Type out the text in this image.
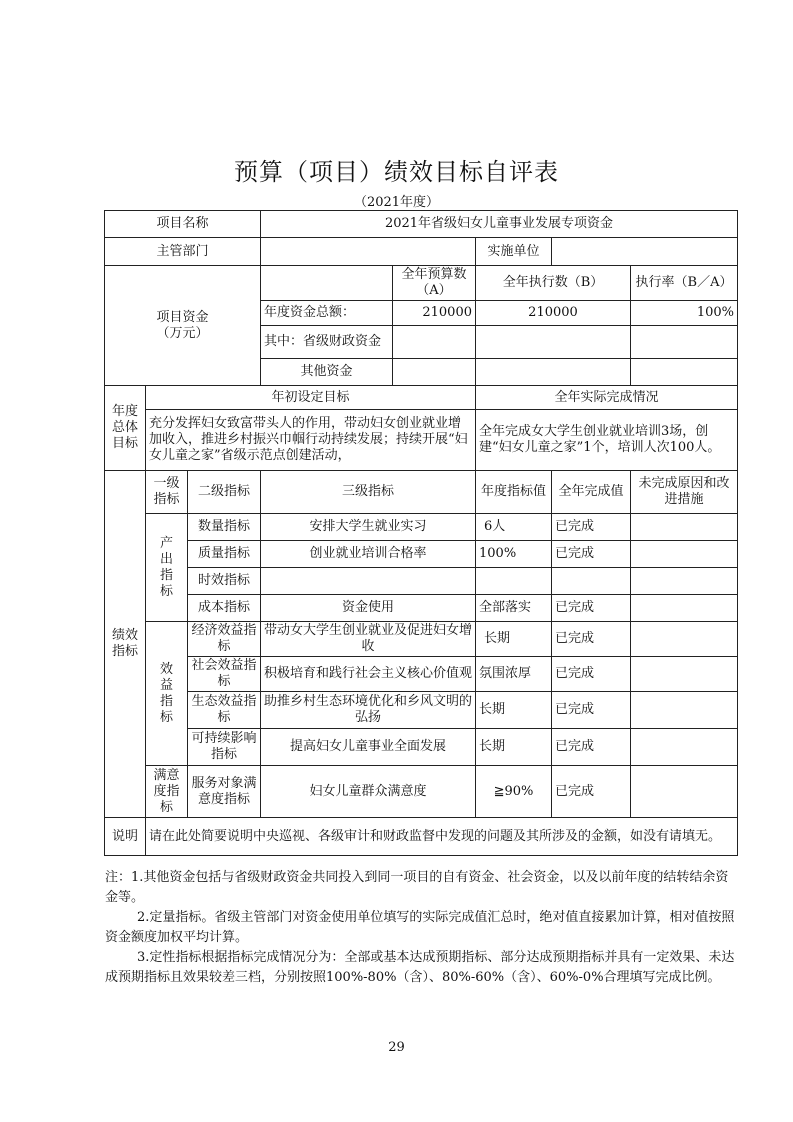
预算（项目）绩效目标自评表
（2021年度）
项目名称			2021年省级妇女儿童事业发展专项资金				
主管部门					实施单位		
项目资金
（万元）				全年预算数（A）	全年执行数（B）		执行率（B／A）
			年度资金总额：	210000	210000		100%
			其中：省级财政资金				
			其他资金				
年度总体目标	年初设定目标				全年实际完成情况		
	充分发挥妇女致富带头人的作用，带动妇女创业就业增加收入，推进乡村振兴巾帼行动持续发展；持续开展“妇女儿童之家”省级示范点创建活动，				全年完成女大学生创业就业培训3场，创建“妇女儿童之家”1个，培训人次100人。		
绩效指标	一级指标	二级指标	三级指标		年度指标值	全年完成值	未完成原因和改进措施
	产出指标	数量指标	安排大学生就业实习		6人	已完成	
		质量指标	创业就业培训合格率		100%	已完成	
		时效指标					
		成本指标	资金使用		全部落实	已完成	
	效益指标	经济效益指标	带动女大学生创业就业及促进妇女增收		长期	已完成	
		社会效益指标	积极培育和践行社会主义核心价值观		氛围浓厚	已完成	
		生态效益指标	助推乡村生态环境优化和乡风文明的弘扬		长期	已完成	
		可持续影响指标	提高妇女儿童事业全面发展		长期	已完成	
	满意度指标	服务对象满意度指标	妇女儿童群众满意度		≧90%	已完成	
说明	请在此处简要说明中央巡视、各级审计和财政监督中发现的问题及其所涉及的金额，如没有请填无。						

注：1.其他资金包括与省级财政资金共同投入到同一项目的自有资金、社会资金，以及以前年度的结转结余资金等。

2.定量指标。省级主管部门对资金使用单位填写的实际完成值汇总时，绝对值直接累加计算，相对值按照资金额度加权平均计算。

3.定性指标根据指标完成情况分为：全部或基本达成预期指标、部分达成预期指标并具有一定效果、未达成预期指标且效果较差三档，分别按照100%-80%（含）、80%-60%（含）、60%-0%合理填写完成比例。

29
